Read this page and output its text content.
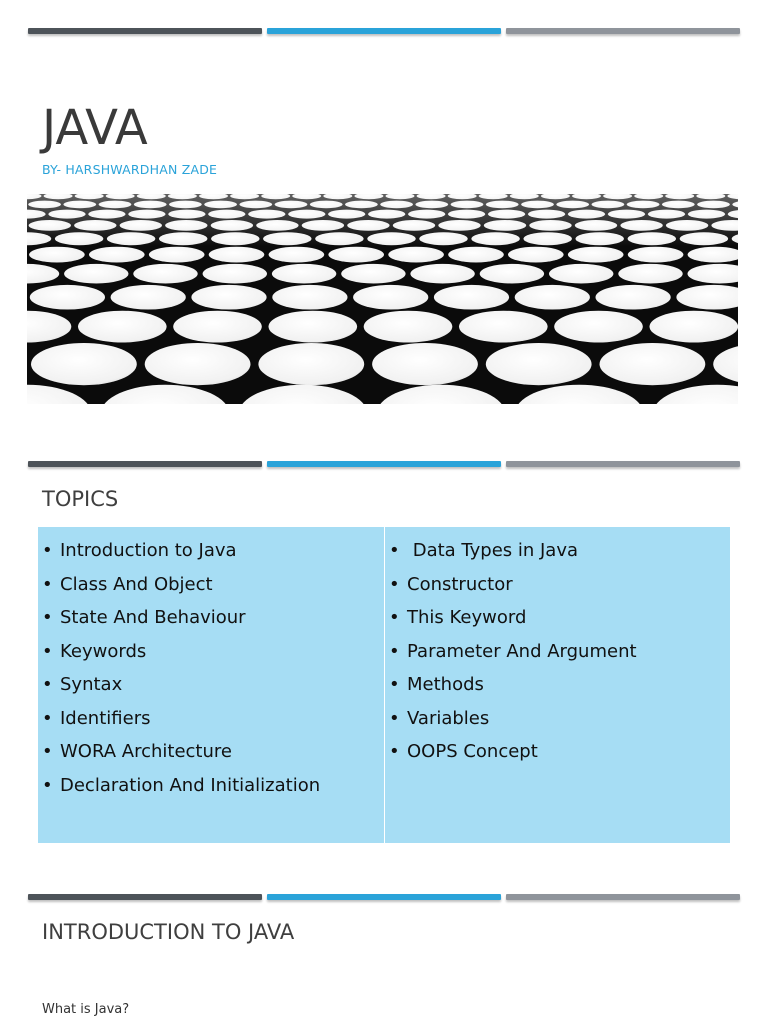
JAVA
BY- HARSHWARDHAN ZADE
TOPICS
• Introduction to Java
• Class And Object
• State And Behaviour
• Keywords
• Syntax
• Identifiers
• WORA Architecture
• Declaration And Initialization
• Data Types in Java
• Constructor
• This Keyword
• Parameter And Argument
• Methods
• Variables
• OOPS Concept
INTRODUCTION TO JAVA
What is Java?
